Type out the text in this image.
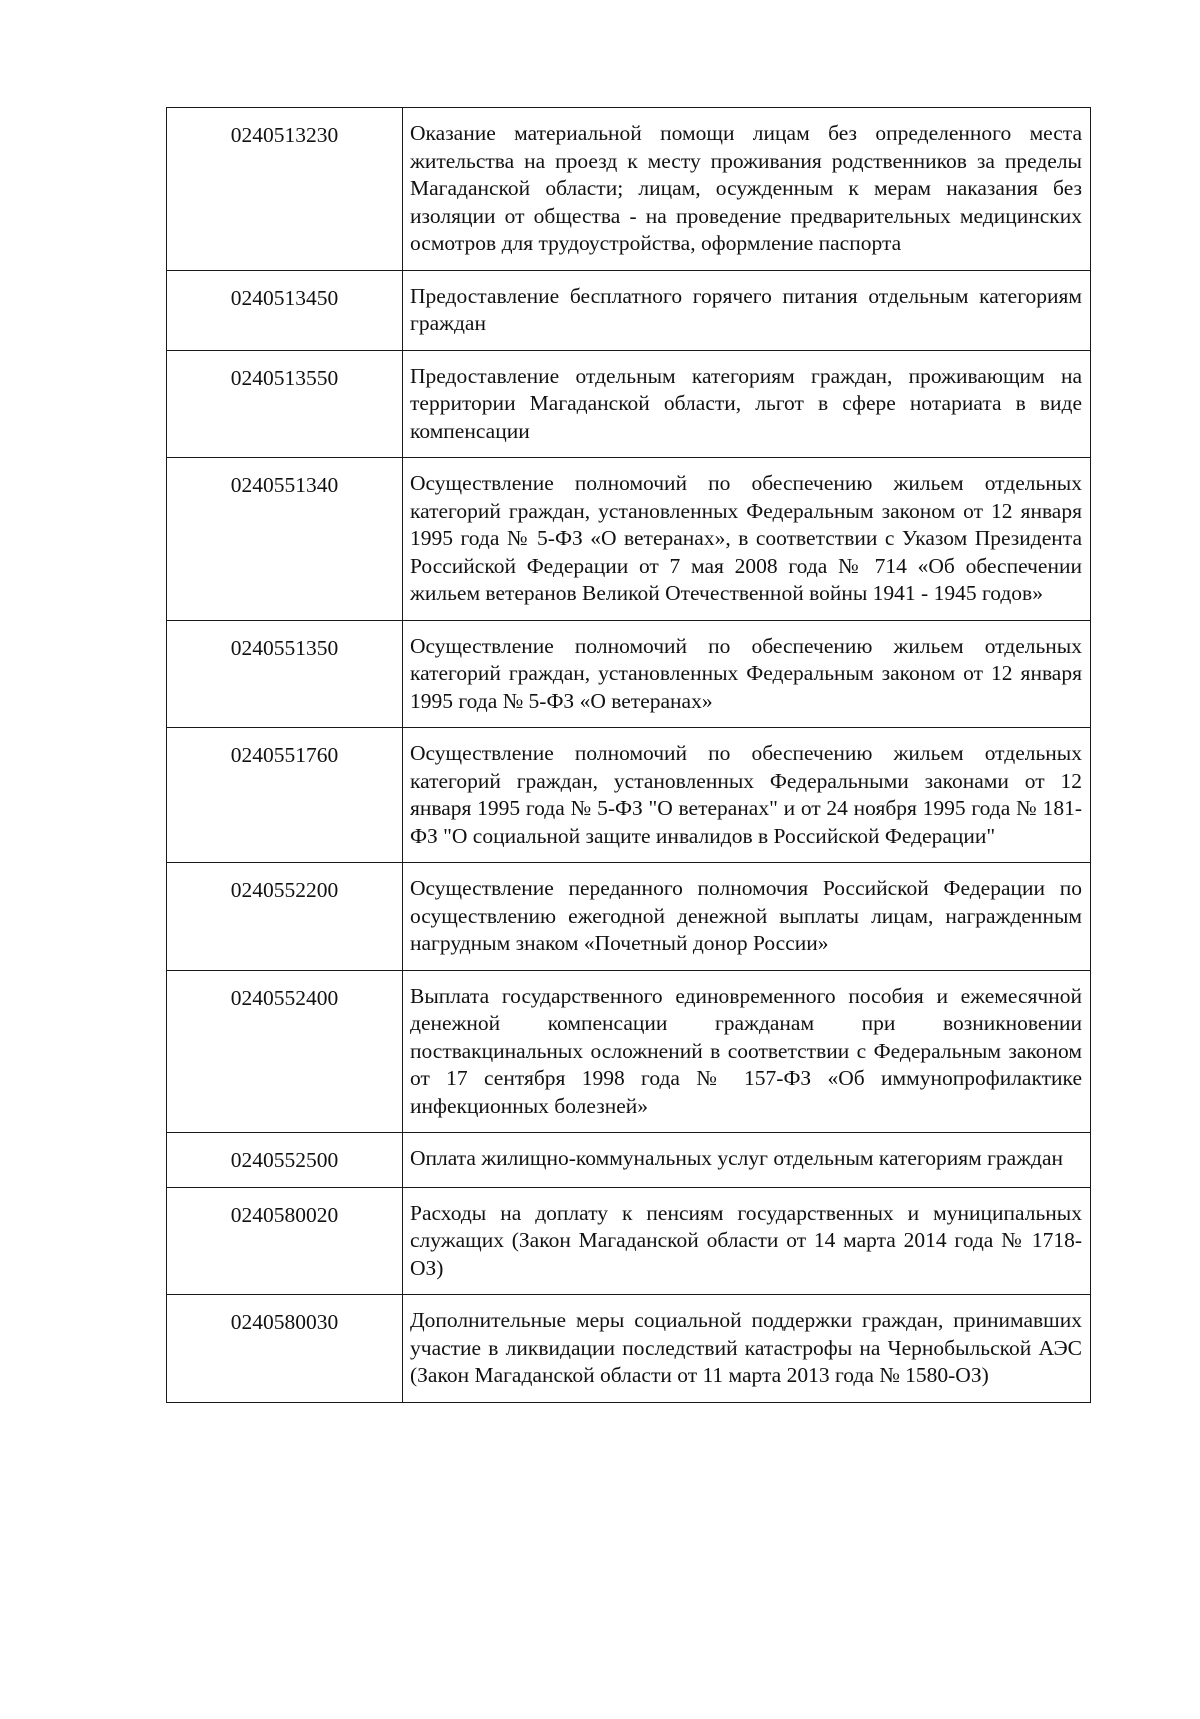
0240513230	Оказание материальной помощи лицам без определенного места жительства на проезд к месту проживания родственников за пределы Магаданской области; лицам, осужденным к мерам наказания без изоляции от общества - на проведение предварительных медицинских осмотров для трудоустройства, оформление паспорта
0240513450	Предоставление бесплатного горячего питания отдельным категориям граждан
0240513550	Предоставление отдельным категориям граждан, проживающим на территории Магаданской области, льгот в сфере нотариата в виде компенсации
0240551340	Осуществление полномочий по обеспечению жильем отдельных категорий граждан, установленных Федеральным законом от 12 января 1995 года № 5-ФЗ «О ветеранах», в соответствии с Указом Президента Российской Федерации от 7 мая 2008 года № 714 «Об обеспечении жильем ветеранов Великой Отечественной войны 1941 - 1945 годов»
0240551350	Осуществление полномочий по обеспечению жильем отдельных категорий граждан, установленных Федеральным законом от 12 января 1995 года № 5-ФЗ «О ветеранах»
0240551760	Осуществление полномочий по обеспечению жильем отдельных категорий граждан, установленных Федеральными законами от 12 января 1995 года № 5-ФЗ "О ветеранах" и от 24 ноября 1995 года № 181-ФЗ "О социальной защите инвалидов в Российской Федерации"
0240552200	Осуществление переданного полномочия Российской Федерации по осуществлению ежегодной денежной выплаты лицам, награжденным нагрудным знаком «Почетный донор России»
0240552400	Выплата государственного единовременного пособия и ежемесячной денежной компенсации гражданам при возникновении поствакцинальных осложнений в соответствии с Федеральным законом от 17 сентября 1998 года № 157-ФЗ «Об иммунопрофилактике инфекционных болезней»
0240552500	Оплата жилищно-коммунальных услуг отдельным категориям граждан
0240580020	Расходы на доплату к пенсиям государственных и муниципальных служащих (Закон Магаданской области от 14 марта 2014 года № 1718-ОЗ)
0240580030	Дополнительные меры социальной поддержки граждан, принимавших участие в ликвидации последствий катастрофы на Чернобыльской АЭС (Закон Магаданской области от 11 марта 2013 года № 1580-ОЗ)
